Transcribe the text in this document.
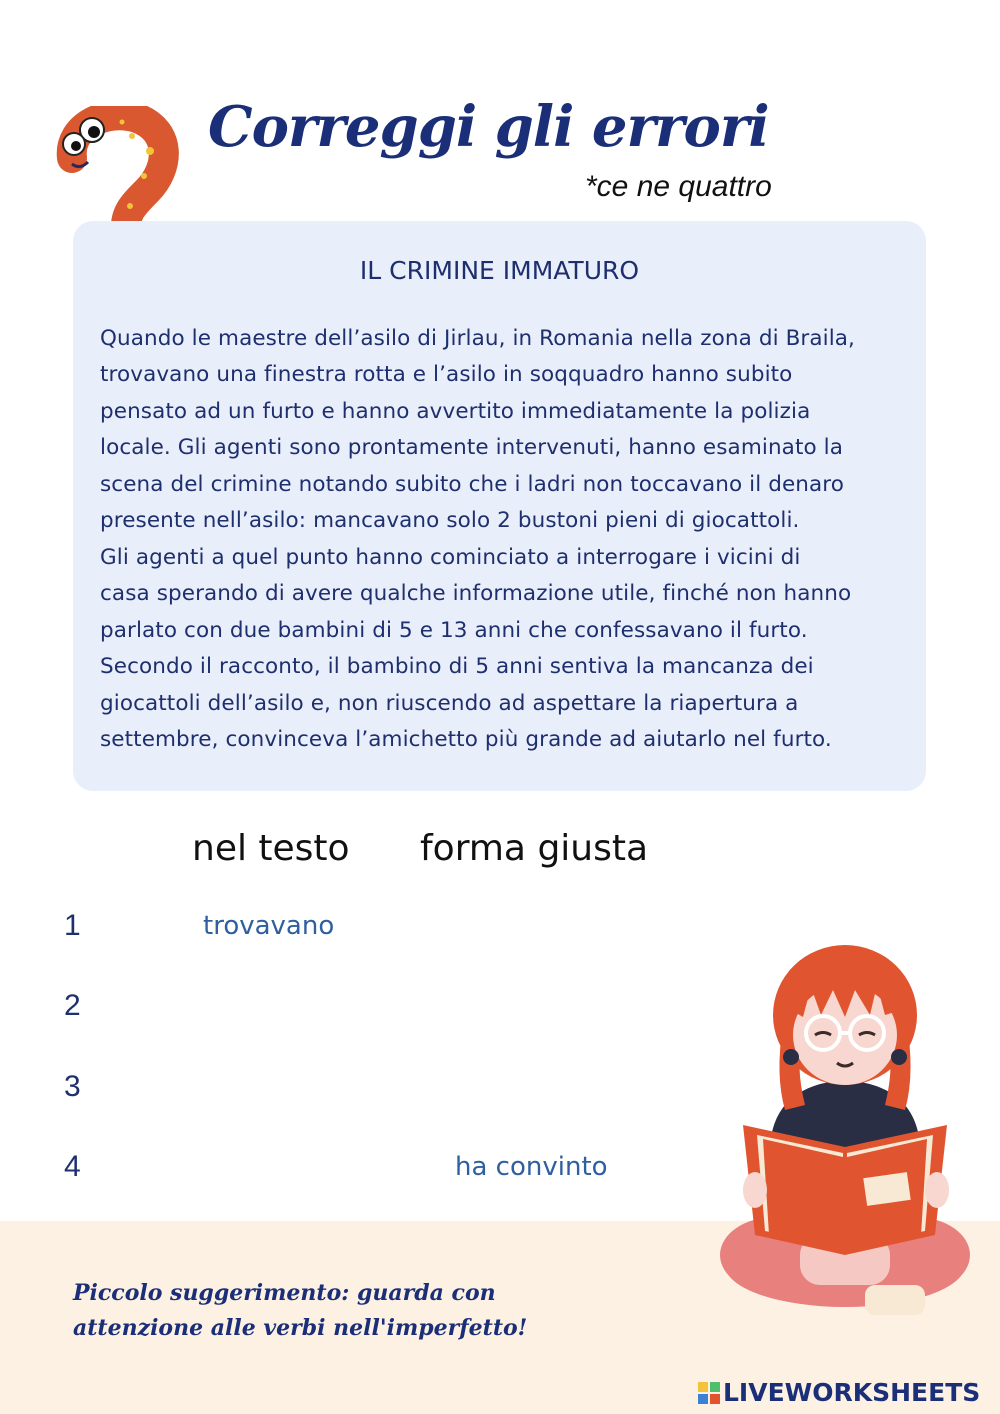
Correggi gli errori
*ce ne quattro
IL CRIMINE IMMATURO
Quando le maestre dell’asilo di Jirlau, in Romania nella zona di Braila,
trovavano una finestra rotta e l’asilo in soqquadro hanno subito
pensato ad un furto e hanno avvertito immediatamente la polizia
locale. Gli agenti sono prontamente intervenuti, hanno esaminato la
scena del crimine notando subito che i ladri non toccavano il denaro
presente nell’asilo: mancavano solo 2 bustoni pieni di giocattoli.
Gli agenti a quel punto hanno cominciato a interrogare i vicini di
casa sperando di avere qualche informazione utile, finché non hanno
parlato con due bambini di 5 e 13 anni che confessavano il furto.
Secondo il racconto, il bambino di 5 anni sentiva la mancanza dei
giocattoli dell’asilo e, non riuscendo ad aspettare la riapertura a
settembre, convinceva l’amichetto più grande ad aiutarlo nel furto.
nel testo forma giusta
1	trovavano
2
3
4	ha convinto
Piccolo suggerimento: guarda con
attenzione alle verbi nell'imperfetto!
LIVEWORKSHEETS
